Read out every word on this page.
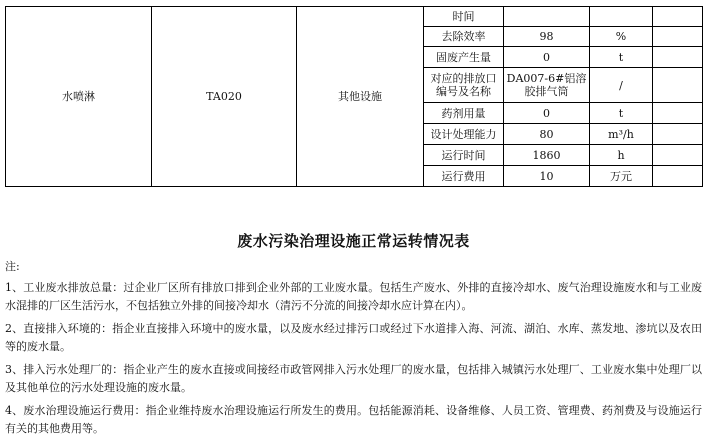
水喷淋	TA020	其他设施	时间			
			去除效率	98	%	
			固废产生量	0	t	
			对应的排放口编号及名称	DA007-6#铝溶胶排气筒	/	
			药剂用量	0	t	
			设计处理能力	80	m³/h	
			运行时间	1860	h	
			运行费用	10	万元	
废水污染治理设施正常运转情况表

注:

1、工业废水排放总量：过企业厂区所有排放口排到企业外部的工业废水量。包括生产废水、外排的直接冷却水、废气治理设施废水和与工业废水混排的厂区生活污水，不包括独立外排的间接冷却水（清污不分流的间接冷却水应计算在内）。

2、直接排入环境的：指企业直接排入环境中的废水量，以及废水经过排污口或经过下水道排入海、河流、湖泊、水库、蒸发地、渗坑以及农田等的废水量。

3、排入污水处理厂的：指企业产生的废水直接或间接经市政管网排入污水处理厂的废水量，包括排入城镇污水处理厂、工业废水集中处理厂以及其他单位的污水处理设施的废水量。

4、废水治理设施运行费用：指企业维持废水治理设施运行所发生的费用。包括能源消耗、设备维修、人员工资、管理费、药剂费及与设施运行有关的其他费用等。
